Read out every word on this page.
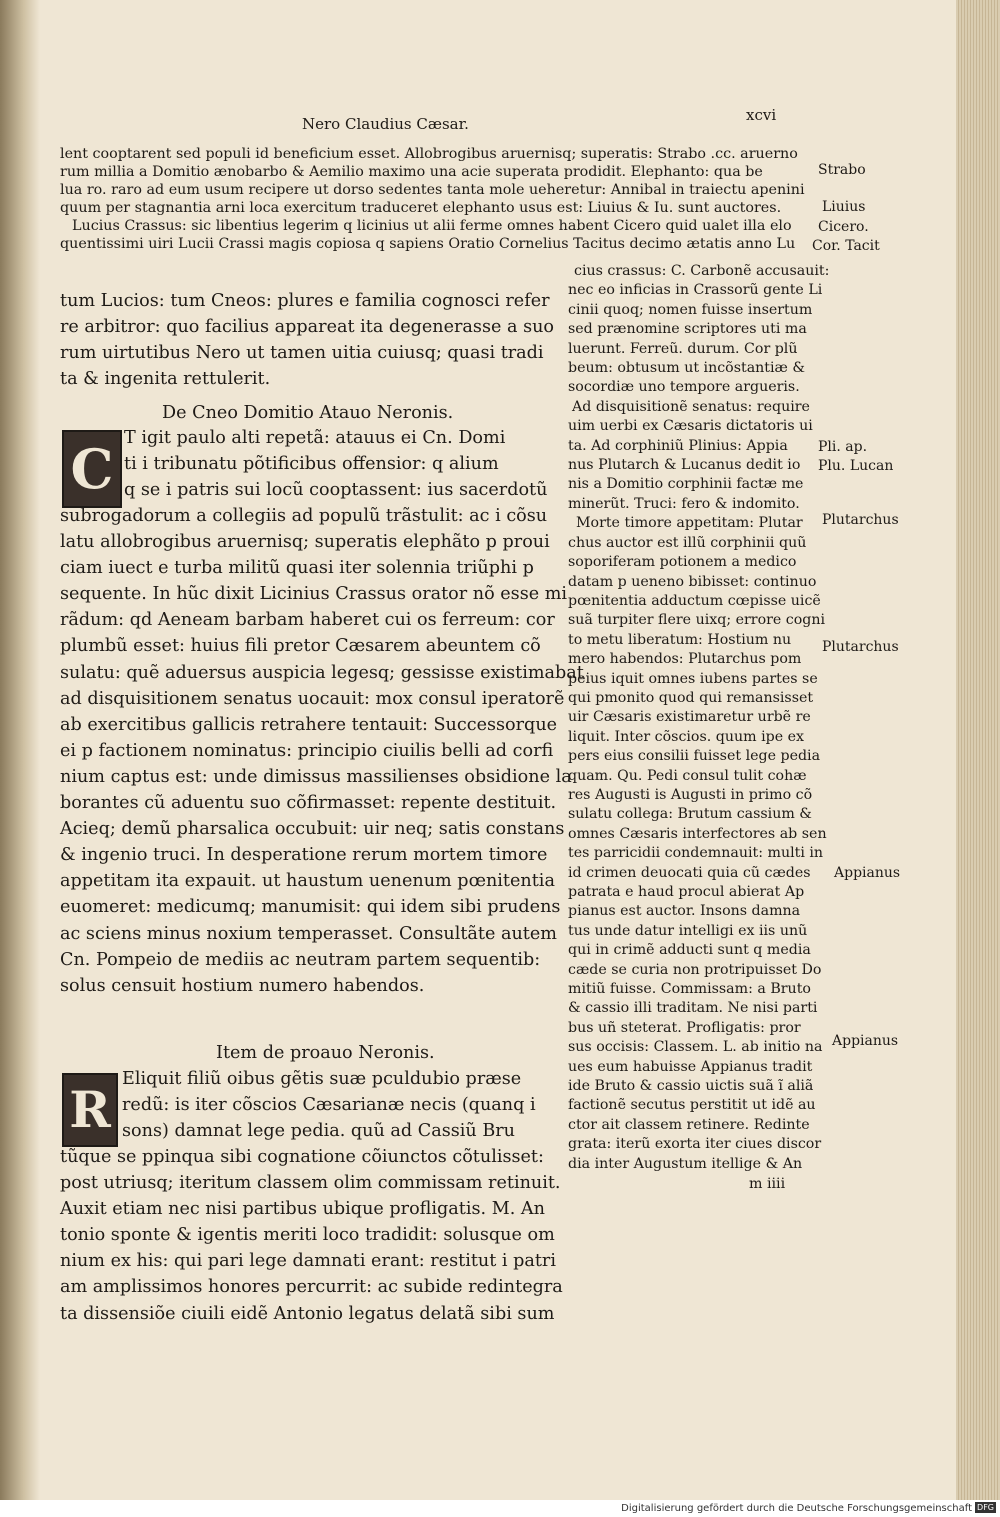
Nero Claudius Cæsar.	xcvi
lent cooptarent sed populi id beneficium esset. Allobrogibus aruernisq; superatis: Strabo .cc. aruerno
rum millia a Domitio ænobarbo & Aemilio maximo una acie superata prodidit. Elephanto: qua be
lua ro. raro ad eum usum recipere ut dorso sedentes tanta mole ueheretur: Annibal in traiectu apenini
quum per stagnantia arni loca exercitum traduceret elephanto usus est: Liuius & Iu. sunt auctores.
Lucius Crassus: sic libentius legerim q licinius ut alii ferme omnes habent Cicero quid ualet illa elo
quentissimi uiri Lucii Crassi magis copiosa q sapiens Oratio Cornelius Tacitus decimo ætatis anno Lu
tum Lucios: tum Cneos: plures e familia cognosci refer
re arbitror: quo facilius appareat ita degenerasse a suo
rum uirtutibus Nero ut tamen uitia cuiusq; quasi tradi
ta & ingenita rettulerit.
De Cneo Domitio Atauo Neronis.
C T igit paulo alti repetã: atauus ei Cn. Domi
ti i tribunatu põtificibus offensior: q alium
q se i patris sui locũ cooptassent: ius sacerdotũ
subrogadorum a collegiis ad populũ trãstulit: ac i cõsu
latu allobrogibus aruernisq; superatis elephãto p proui
ciam iuect e turba militũ quasi iter solennia triũphi p
sequente. In hũc dixit Licinius Crassus orator nõ esse mi
rãdum: qd Aeneam barbam haberet cui os ferreum: cor
plumbũ esset: huius fili pretor Cæsarem abeuntem cõ
sulatu: quẽ aduersus auspicia legesq; gessisse existimabat
ad disquisitionem senatus uocauit: mox consul iperatorẽ
ab exercitibus gallicis retrahere tentauit: Successorque
ei p factionem nominatus: principio ciuilis belli ad corfi
nium captus est: unde dimissus massilienses obsidione la
borantes cũ aduentu suo cõfirmasset: repente destituit.
Acieq; demũ pharsalica occubuit: uir neq; satis constans
& ingenio truci. In desperatione rerum mortem timore
appetitam ita expauit. ut haustum uenenum pœnitentia
euomeret: medicumq; manumisit: qui idem sibi prudens
ac sciens minus noxium temperasset. Consultãte autem
Cn. Pompeio de mediis ac neutram partem sequentib:
solus censuit hostium numero habendos.
Item de proauo Neronis.
R
Eliquit filiũ oibus gẽtis suæ pculdubio præse
redũ: is iter cõscios Cæsarianæ necis (quanq i
sons) damnat lege pedia. quũ ad Cassiũ Bru
tũque se ppinqua sibi cognatione cõiunctos cõtulisset:
post utriusq; iteritum classem olim commissam retinuit.
Auxit etiam nec nisi partibus ubique profligatis. M. An
tonio sponte & igentis meriti loco tradidit: solusque om
nium ex his: qui pari lege damnati erant: restitut i patri
am amplissimos honores percurrit: ac subide redintegra
ta dissensiõe ciuili eidẽ Antonio legatus delatã sibi sum
cius crassus: C. Carbonẽ accusauit:
nec eo inficias in Crassorũ gente Li
cinii quoq; nomen fuisse insertum
sed prænomine scriptores uti ma
luerunt. Ferreũ. durum. Cor plũ
beum: obtusum ut incõstantiæ &
socordiæ uno tempore argueris.
Ad disquisitionẽ senatus: require
uim uerbi ex Cæsaris dictatoris ui
ta. Ad corphiniũ Plinius: Appia
nus Plutarch & Lucanus dedit io
nis a Domitio corphinii factæ me
minerũt. Truci: fero & indomito.
Morte timore appetitam: Plutar
chus auctor est illũ corphinii quũ
soporiferam potionem a medico
datam p ueneno bibisset: continuo
pœnitentia adductum cœpisse uicẽ
suã turpiter flere uixq; errore cogni
to metu liberatum: Hostium nu
mero habendos: Plutarchus pom
peius iquit omnes iubens partes se
qui pmonito quod qui remansisset
uir Cæsaris existimaretur urbẽ re
liquit. Inter cõscios. quum ipe ex
pers eius consilii fuisset lege pedia
quam. Qu. Pedi consul tulit cohæ
res Augusti is Augusti in primo cõ
sulatu collega: Brutum cassium &
omnes Cæsaris interfectores ab sen
tes parricidii condemnauit: multi in
id crimen deuocati quia cũ cædes
patrata e haud procul abierat Ap
pianus est auctor. Insons damna
tus unde datur intelligi ex iis unũ
qui in crimẽ adducti sunt q media
cæde se curia non protripuisset Do
mitiũ fuisse. Commissam: a Bruto
& cassio illi traditam. Ne nisi parti
bus uñ steterat. Profligatis: pror
sus occisis: Classem. L. ab initio na
ues eum habuisse Appianus tradit
ide Bruto & cassio uictis suã ĩ aliã
factionẽ secutus perstitit ut idẽ au
ctor ait classem retinere. Redinte
grata: iterũ exorta iter ciues discor
dia inter Augustum itellige & An
m iiii
Strabo
Liuius
Cicero.
Cor. Tacit
Pli. ap.
Plu. Lucan
Plutarchus
Plutarchus
Appianus
Appianus
Digitalisierung gefördert durch die Deutsche Forschungsgemeinschaft DFG
